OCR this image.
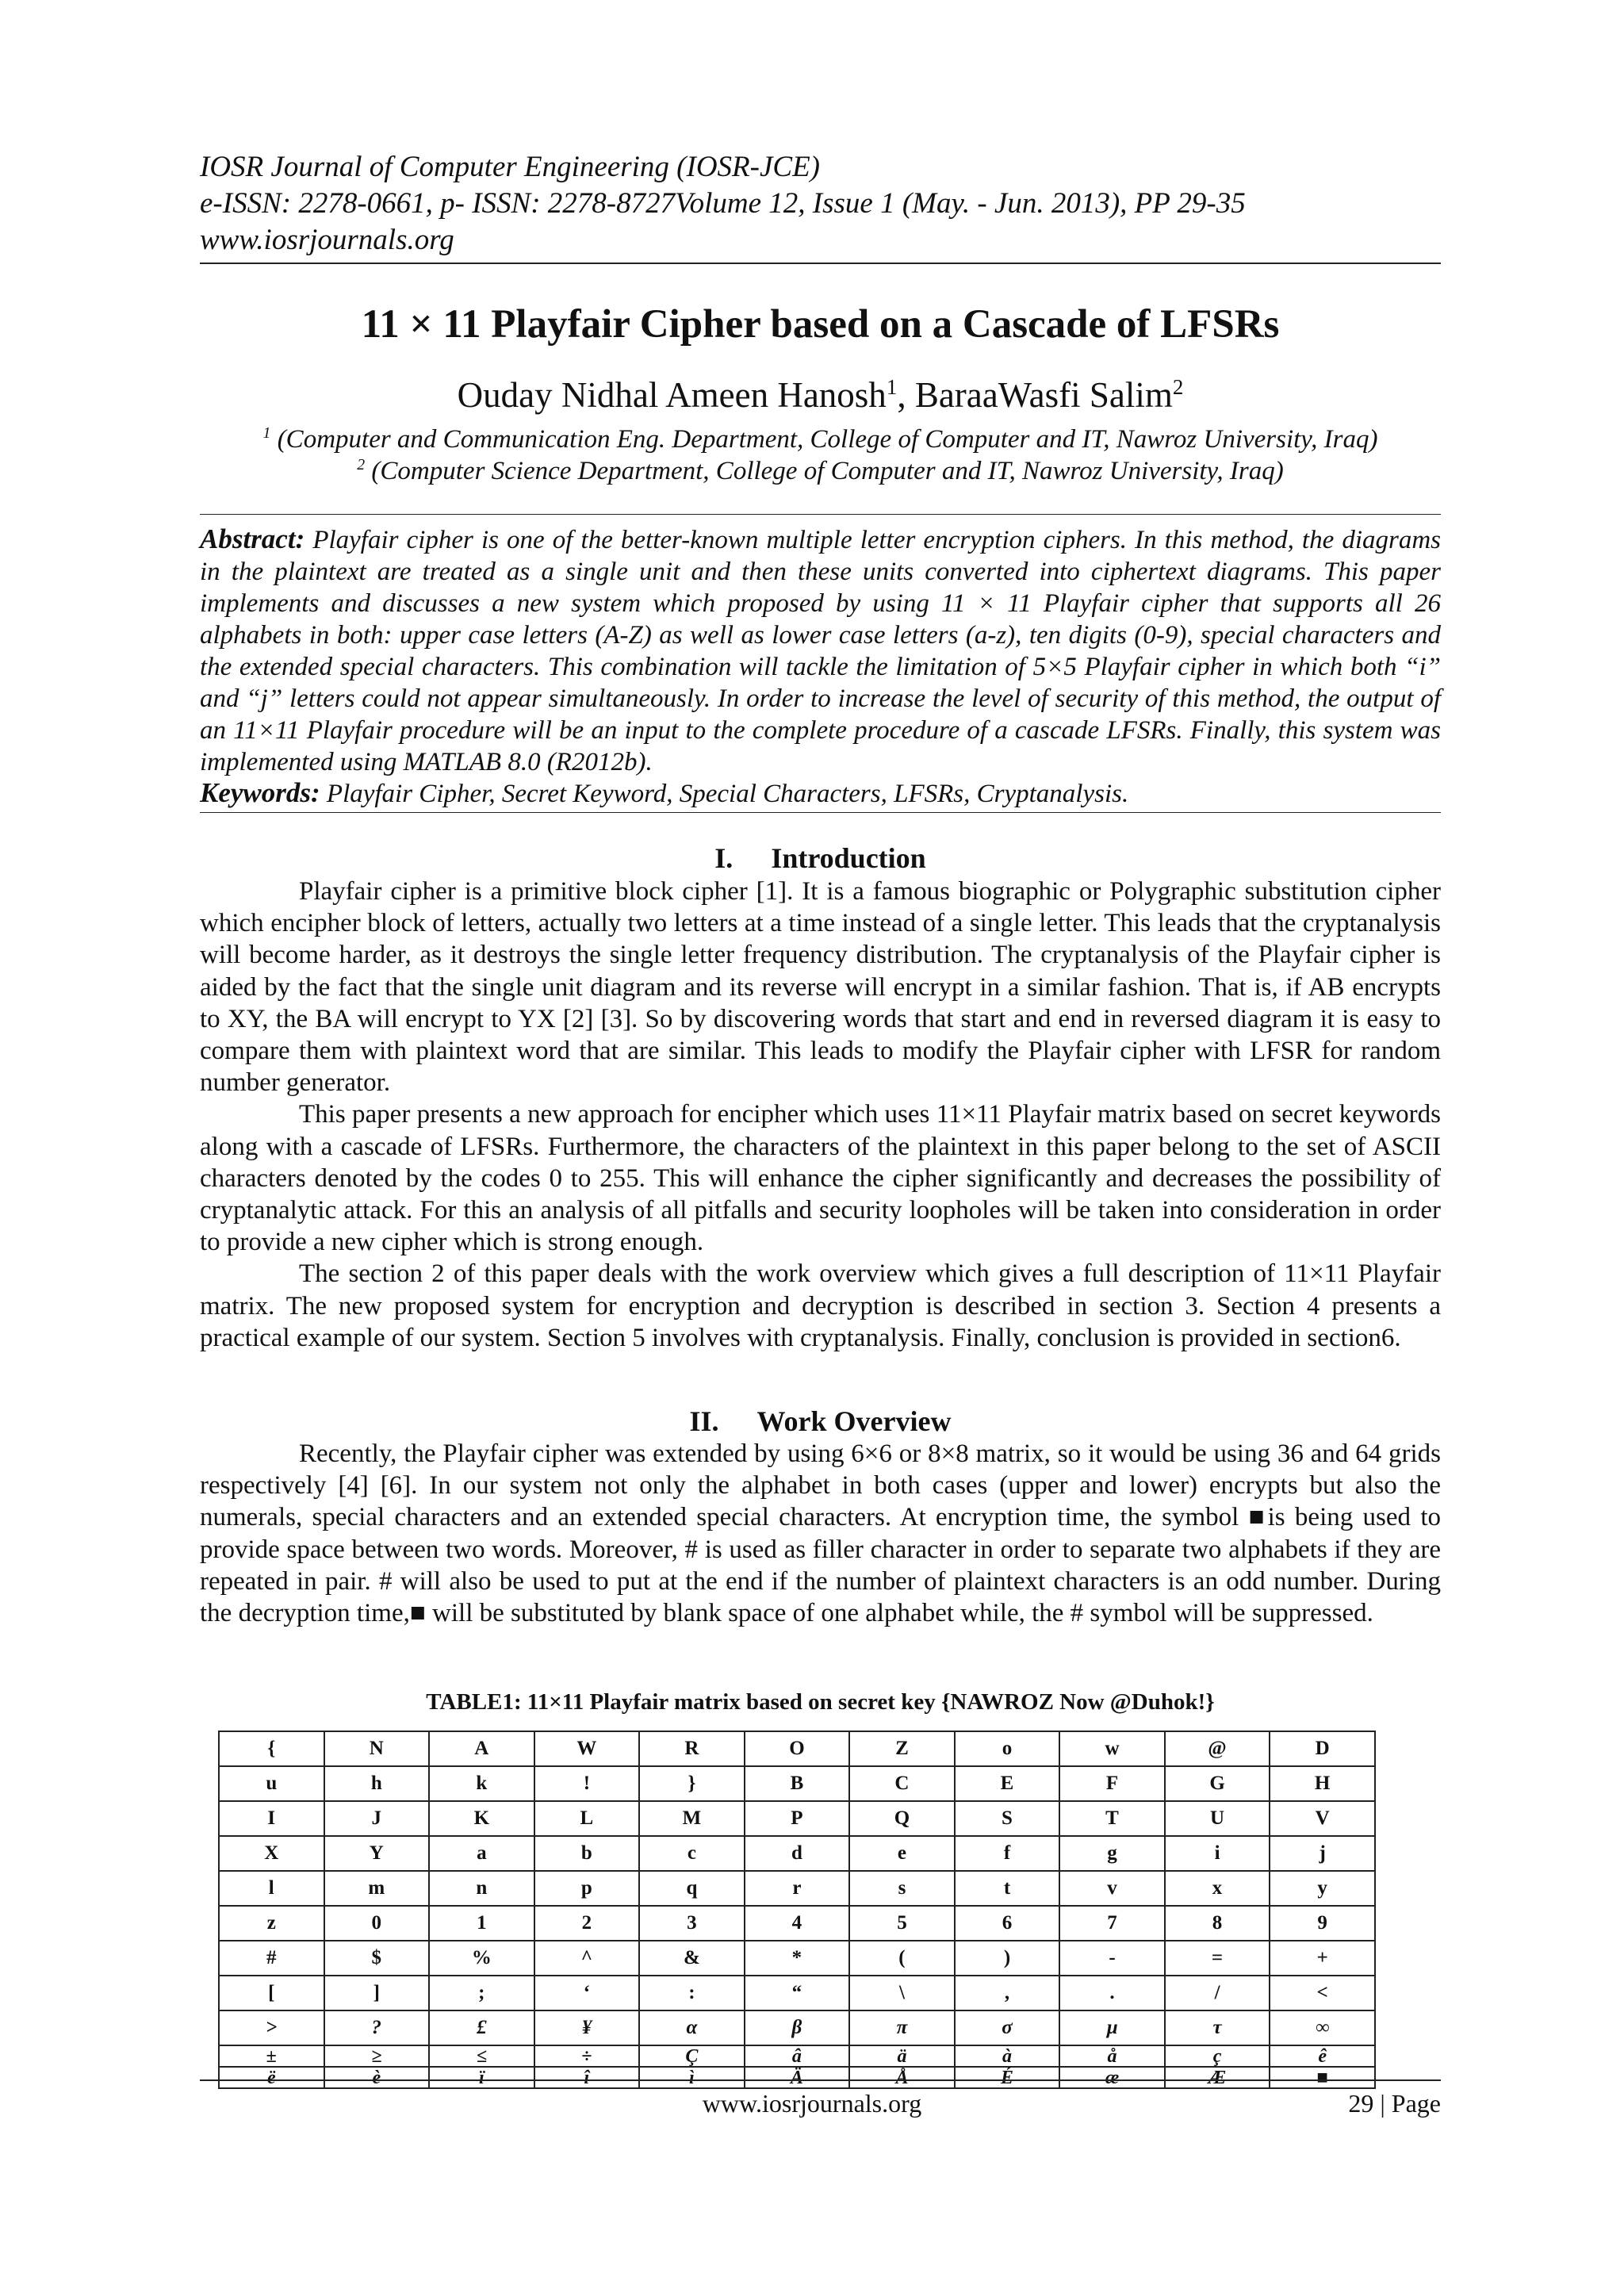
IOSR Journal of Computer Engineering (IOSR-JCE)
e-ISSN: 2278-0661, p- ISSN: 2278-8727Volume 12, Issue 1 (May. - Jun. 2013), PP 29-35
www.iosrjournals.org
11 × 11 Playfair Cipher based on a Cascade of LFSRs
Ouday Nidhal Ameen Hanosh$^1$, BaraaWasfi Salim$^2$
$^1$ (Computer and Communication Eng. Department, College of Computer and IT, Nawroz University, Iraq)
$^2$ (Computer Science Department, College of Computer and IT, Nawroz University, Iraq)
Abstract: Playfair cipher is one of the better-known multiple letter encryption ciphers. In this method, the diagrams in the plaintext are treated as a single unit and then these units converted into ciphertext diagrams. This paper implements and discusses a new system which proposed by using 11 × 11 Playfair cipher that supports all 26 alphabets in both: upper case letters (A-Z) as well as lower case letters (a-z), ten digits (0-9), special characters and the extended special characters. This combination will tackle the limitation of 5×5 Playfair cipher in which both “i” and “j” letters could not appear simultaneously. In order to increase the level of security of this method, the output of an 11×11 Playfair procedure will be an input to the complete procedure of a cascade LFSRs. Finally, this system was implemented using MATLAB 8.0 (R2012b).
Keywords: Playfair Cipher, Secret Keyword, Special Characters, LFSRs, Cryptanalysis.
I. Introduction

Playfair cipher is a primitive block cipher [1]. It is a famous biographic or Polygraphic substitution cipher which encipher block of letters, actually two letters at a time instead of a single letter. This leads that the cryptanalysis will become harder, as it destroys the single letter frequency distribution. The cryptanalysis of the Playfair cipher is aided by the fact that the single unit diagram and its reverse will encrypt in a similar fashion. That is, if AB encrypts to XY, the BA will encrypt to YX [2] [3]. So by discovering words that start and end in reversed diagram it is easy to compare them with plaintext word that are similar. This leads to modify the Playfair cipher with LFSR for random number generator.

This paper presents a new approach for encipher which uses 11×11 Playfair matrix based on secret keywords along with a cascade of LFSRs. Furthermore, the characters of the plaintext in this paper belong to the set of ASCII characters denoted by the codes 0 to 255. This will enhance the cipher significantly and decreases the possibility of cryptanalytic attack. For this an analysis of all pitfalls and security loopholes will be taken into consideration in order to provide a new cipher which is strong enough.

The section 2 of this paper deals with the work overview which gives a full description of 11×11 Playfair matrix. The new proposed system for encryption and decryption is described in section 3. Section 4 presents a practical example of our system. Section 5 involves with cryptanalysis. Finally, conclusion is provided in section6.

II. Work Overview

Recently, the Playfair cipher was extended by using 6×6 or 8×8 matrix, so it would be using 36 and 64 grids respectively [4] [6]. In our system not only the alphabet in both cases (upper and lower) encrypts but also the numerals, special characters and an extended special characters. At encryption time, the symbol ■is being used to provide space between two words. Moreover, # is used as filler character in order to separate two alphabets if they are repeated in pair. # will also be used to put at the end if the number of plaintext characters is an odd number. During the decryption time,■ will be substituted by blank space of one alphabet while, the # symbol will be suppressed.

TABLE1: 11×11 Playfair matrix based on secret key {NAWROZ Now @Duhok!}
{	N	A	W	R	O	Z	o	w	@	D
u	h	k	!	}	B	C	E	F	G	H
I	J	K	L	M	P	Q	S	T	U	V
X	Y	a	b	c	d	e	f	g	i	j
l	m	n	p	q	r	s	t	v	x	y
z	0	1	2	3	4	5	6	7	8	9
#	$	%	^	&	*	(	)	-	=	+
[	]	;	‘	:	“	\	,	.	/	<
>	?	£	¥	α	β	π	σ	µ	τ	∞
±	≥	≤	÷	Ç	â	ä	à	å	ç	ê
ë	è	ï	î	ì	Ä	Å	É	æ	Æ	■
www.iosrjournals.org	29 | Page
